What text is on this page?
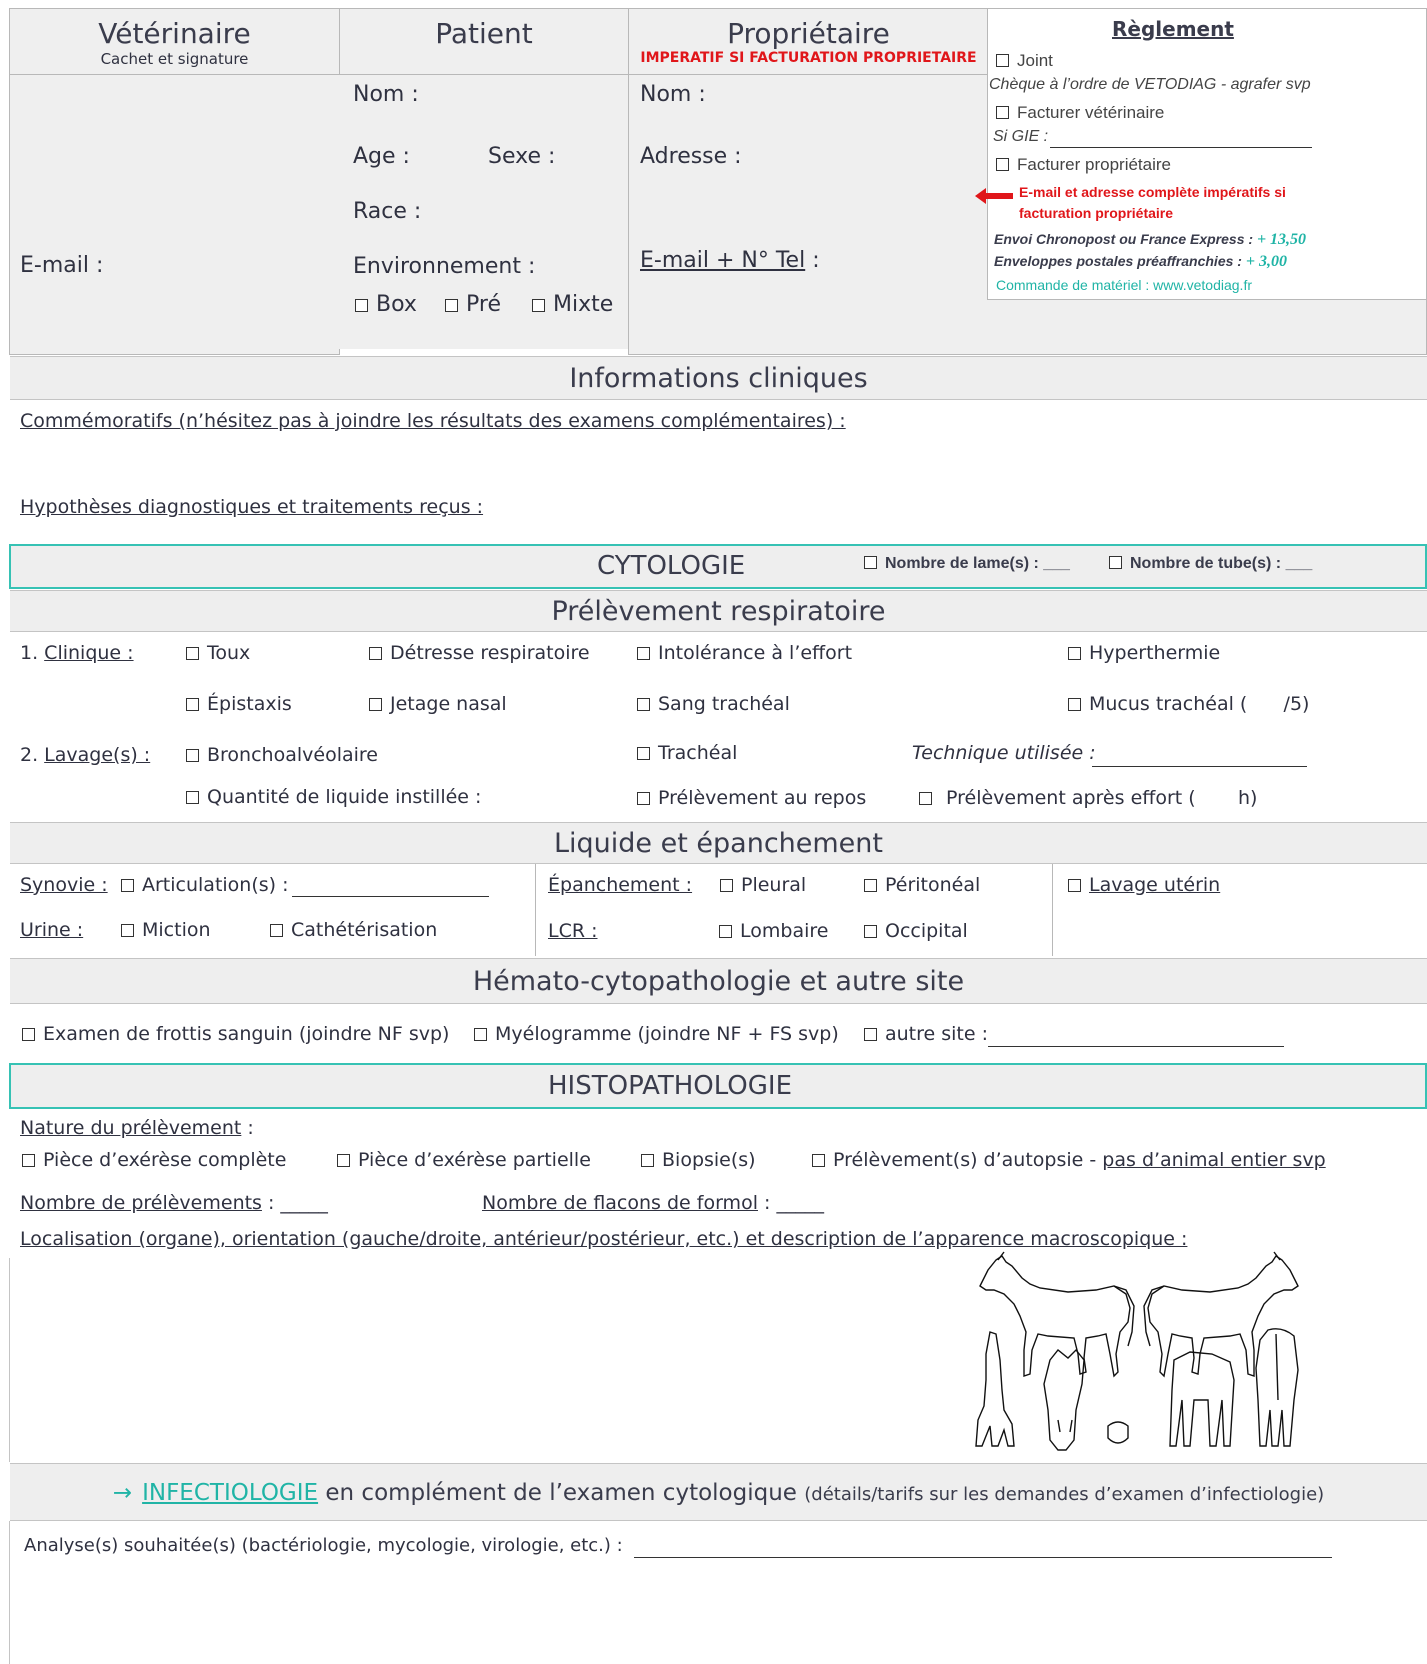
Vétérinaire
Cachet et signature
Patient	Propriétaire
IMPERATIF SI FACTURATION PROPRIETAIRE
E-mail :
Nom :
Age :	Sexe :
Race :
Environnement :
Box	Pré	Mixte
Nom :
Adresse :
E-mail + N° Tel :
Règlement
Joint
Chèque à l’ordre de VETODIAG - agrafer svp
Facturer vétérinaire
Si GIE :
Facturer propriétaire
E-mail et adresse complète impératifs si facturation propriétaire
Envoi Chronopost ou France Express : + 13,50
Enveloppes postales préaffranchies : + 3,00
Commande de matériel : www.vetodiag.fr
Informations cliniques
Commémoratifs (n’hésitez pas à joindre les résultats des examens complémentaires) :
Hypothèses diagnostiques et traitements reçus :
CYTOLOGIE	Nombre de lame(s) : ___	Nombre de tube(s) : ___
Prélèvement respiratoire
1. Clinique :	Toux	Détresse respiratoire	Intolérance à l’effort	Hyperthermie
Épistaxis	Jetage nasal	Sang trachéal	Mucus trachéal (      /5)
2. Lavage(s) :	Bronchoalvéolaire	Trachéal	Technique utilisée :
Quantité de liquide instillée :	Prélèvement au repos	Prélèvement après effort (       h)
Liquide et épanchement
Synovie :	Articulation(s) :
Urine :	Miction	Cathétérisation
Épanchement :	Pleural	Péritonéal
LCR :	Lombaire	Occipital
Lavage utérin
Hémato-cytopathologie et autre site
Examen de frottis sanguin (joindre NF svp)	Myélogramme (joindre NF + FS svp)	autre site :
HISTOPATHOLOGIE
Nature du prélèvement :
Pièce d’exérèse complète	Pièce d’exérèse partielle	Biopsie(s)	Prélèvement(s) d’autopsie - pas d’animal entier svp
Nombre de prélèvements : _____	Nombre de flacons de formol : _____
Localisation (organe), orientation (gauche/droite, antérieur/postérieur, etc.) et description de l’apparence macroscopique :
→ INFECTIOLOGIE en complément de l’examen cytologique (détails/tarifs sur les demandes d’examen d’infectiologie)
Analyse(s) souhaitée(s) (bactériologie, mycologie, virologie, etc.) :
